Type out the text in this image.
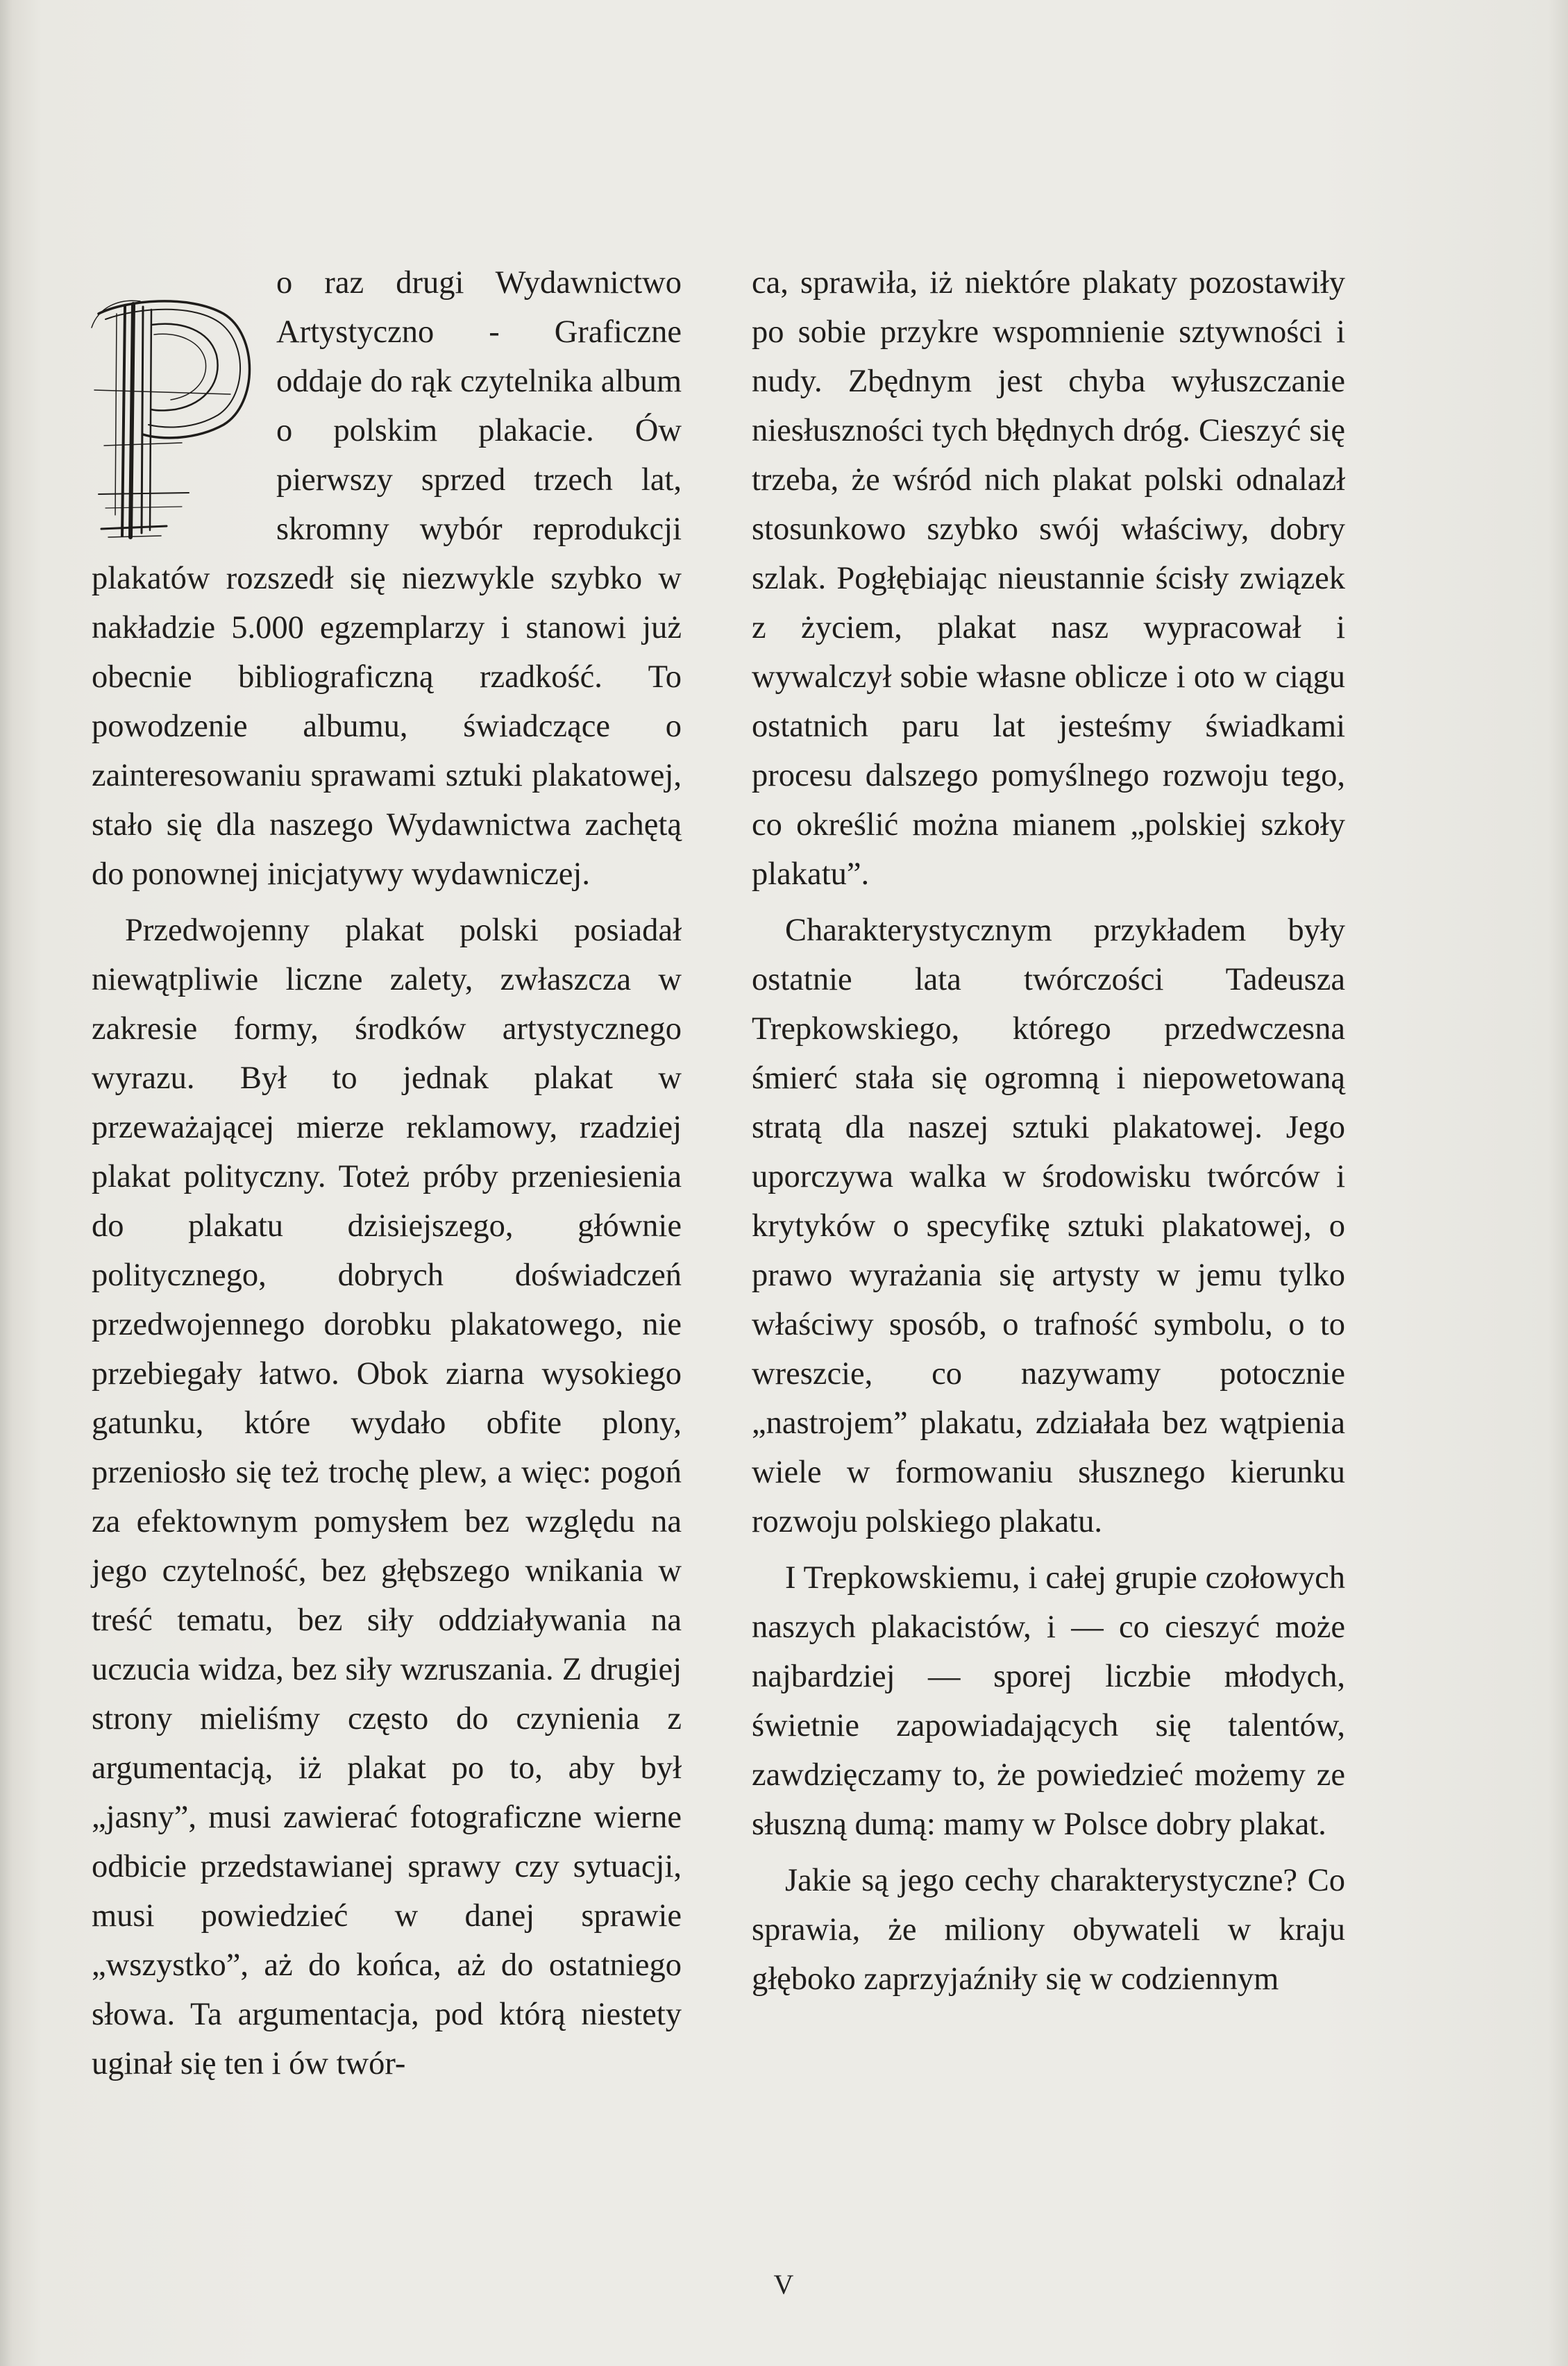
o raz drugi Wydawnictwo Artystyczno - Graficzne oddaje do rąk czytelnika album o polskim plakacie. Ów pierwszy sprzed trzech lat, skromny wybór reprodukcji plakatów rozszedł się niezwykle szybko w nakładzie 5.000 egzemplarzy i stanowi już obecnie bibliograficzną rzadkość. To powodzenie albumu, świadczące o zainteresowaniu sprawami sztuki plakatowej, stało się dla naszego Wydawnictwa zachętą do ponownej inicjatywy wydawniczej.

Przedwojenny plakat polski posiadał niewątpliwie liczne zalety, zwłaszcza w zakresie formy, środków artystycznego wyrazu. Był to jednak plakat w przeważającej mierze reklamowy, rzadziej plakat polityczny. Toteż próby przeniesienia do plakatu dzisiejszego, głównie politycznego, dobrych doświadczeń przedwojennego dorobku plakatowego, nie przebiegały łatwo. Obok ziarna wysokiego gatunku, które wydało obfite plony, przeniosło się też trochę plew, a więc: pogoń za efektownym pomysłem bez względu na jego czytelność, bez głębszego wnikania w treść tematu, bez siły oddziaływania na uczucia widza, bez siły wzruszania. Z drugiej strony mieliśmy często do czynienia z argumentacją, iż plakat po to, aby był „jasny”, musi zawierać fotograficzne wierne odbicie przedstawianej sprawy czy sytuacji, musi powiedzieć w danej sprawie „wszystko”, aż do końca, aż do ostatniego słowa. Ta argumentacja, pod którą niestety uginał się ten i ów twór-

ca, sprawiła, iż niektóre plakaty pozostawiły po sobie przykre wspomnienie sztywności i nudy. Zbędnym jest chyba wyłuszczanie niesłuszności tych błędnych dróg. Cieszyć się trzeba, że wśród nich plakat polski odnalazł stosunkowo szybko swój właściwy, dobry szlak. Pogłębiając nieustannie ścisły związek z życiem, plakat nasz wypracował i wywalczył sobie własne oblicze i oto w ciągu ostatnich paru lat jesteśmy świadkami procesu dalszego pomyślnego rozwoju tego, co określić można mianem „polskiej szkoły plakatu”.

Charakterystycznym przykładem były ostatnie lata twórczości Tadeusza Trepkowskiego, którego przedwczesna śmierć stała się ogromną i niepowetowaną stratą dla naszej sztuki plakatowej. Jego uporczywa walka w środowisku twórców i krytyków o specyfikę sztuki plakatowej, o prawo wyrażania się artysty w jemu tylko właściwy sposób, o trafność symbolu, o to wreszcie, co nazywamy potocznie „nastrojem” plakatu, zdziałała bez wątpienia wiele w formowaniu słusznego kierunku rozwoju polskiego plakatu.

I Trepkowskiemu, i całej grupie czołowych naszych plakacistów, i — co cieszyć może najbardziej — sporej liczbie młodych, świetnie zapowiadających się talentów, zawdzięczamy to, że powiedzieć możemy ze słuszną dumą: mamy w Polsce dobry plakat.

Jakie są jego cechy charakterystyczne? Co sprawia, że miliony obywateli w kraju głęboko zaprzyjaźniły się w codziennym

V
